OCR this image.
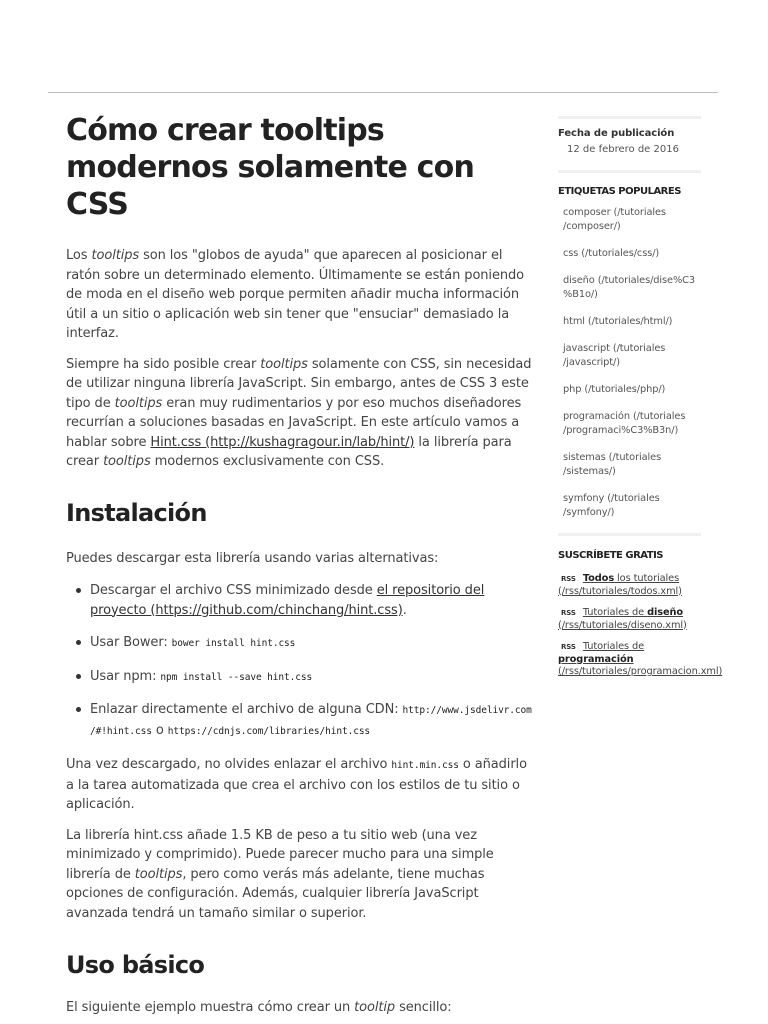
Cómo crear tooltips
modernos solamente con CSS

Los tooltips son los "globos de ayuda" que aparecen al posicionar el ratón sobre un determinado elemento. Últimamente se están poniendo de moda en el diseño web porque permiten añadir mucha información útil a un sitio o aplicación web sin tener que "ensuciar" demasiado la interfaz.

Siempre ha sido posible crear tooltips solamente con CSS, sin necesidad de utilizar ninguna librería JavaScript. Sin embargo, antes de CSS 3 este tipo de tooltips eran muy rudimentarios y por eso muchos diseñadores recurrían a soluciones basadas en JavaScript. En este artículo vamos a hablar sobre Hint.css (http://kushagragour.in/lab/hint/) la librería para crear tooltips modernos exclusivamente con CSS.

Instalación

Puedes descargar esta librería usando varias alternativas:

Descargar el archivo CSS minimizado desde el repositorio del proyecto (https://github.com/chinchang/hint.css).
Usar Bower: bower install hint.css
Usar npm: npm install --save hint.css
Enlazar directamente el archivo de alguna CDN: http://www.jsdelivr.com
/#!hint.css o https://cdnjs.com/libraries/hint.css

Una vez descargado, no olvides enlazar el archivo hint.min.css o añadirlo a la tarea automatizada que crea el archivo con los estilos de tu sitio o aplicación.

La librería hint.css añade 1.5 KB de peso a tu sitio web (una vez minimizado y comprimido). Puede parecer mucho para una simple librería de tooltips, pero como verás más adelante, tiene muchas opciones de configuración. Además, cualquier librería JavaScript avanzada tendrá un tamaño similar o superior.

Uso básico

El siguiente ejemplo muestra cómo crear un tooltip sencillo:

Fecha de publicación
12 de febrero de 2016
ETIQUETAS POPULARES
composer (/tutoriales
/composer/)
css (/tutoriales/css/)
diseño (/tutoriales/dise%C3
%B1o/)
html (/tutoriales/html/)
javascript (/tutoriales
/javascript/)
php (/tutoriales/php/)
programación (/tutoriales
/programaci%C3%B3n/)
sistemas (/tutoriales
/sistemas/)
symfony (/tutoriales
/symfony/)
SUSCRÍBETE GRATIS
RSS Todos los tutoriales
(/rss/tutoriales/todos.xml)
RSS Tutoriales de diseño
(/rss/tutoriales/diseno.xml)
RSS Tutoriales de
programación (/rss/tutoriales/programacion.xml)
